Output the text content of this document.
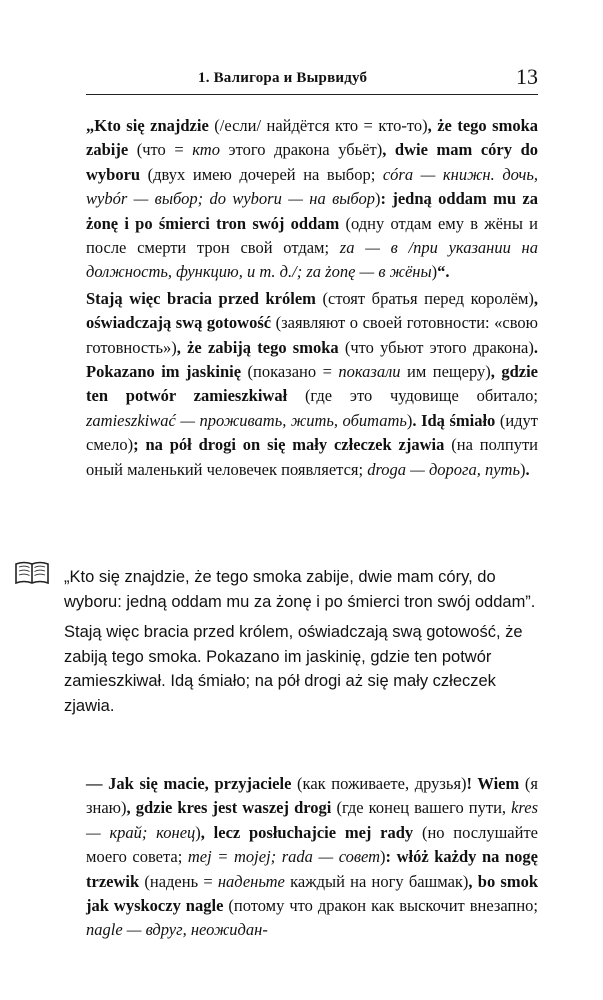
1. Валигора и Вырвидуб	13

„Kto się znajdzie (/если/ найдётся кто = кто-то), że tego smoka zabije (что = кто этого дракона убьёт), dwie mam córy do wyboru (двух имею дочерей на выбор; córa — книжн. дочь, wybór — выбор; do wyboru — на выбор): jedną oddam mu za żonę i po śmierci tron swój oddam (одну отдам ему в жёны и после смерти трон свой отдам; za — в /при указании на должность, функцию, и т. д./; za żonę — в жёны)“.

Stają więc bracia przed królem (стоят братья перед королём), oświadczają swą gotowość (заявляют о своей готовности: «свою готовность»), że zabiją tego smoka (что убьют этого дракона). Pokazano im jaskinię (показано = показали им пещеру), gdzie ten potwór zamieszkiwał (где это чудовище обитало; zamieszkiwać — проживать, жить, обитать). Idą śmiało (идут смело); na pół drogi on się mały człeczek zjawia (на полпути оный маленький человечек появляется; droga — дорога, путь).

„Kto się znajdzie, że tego smoka zabije, dwie mam córy, do wyboru: jedną oddam mu za żonę i po śmierci tron swój oddam”.

Stają więc bracia przed królem, oświadczają swą gotowość, że zabiją tego smoka. Pokazano im jaskinię, gdzie ten potwór zamieszkiwał. Idą śmiało; na pół drogi aż się mały człeczek zjawia.

— Jak się macie, przyjaciele (как поживаете, друзья)! Wiem (я знаю), gdzie kres jest waszej drogi (где конец вашего пути, kres — край; конец), lecz posłuchajcie mej rady (но послушайте моего совета; mej = mojej; rada — совет): włóż każdy na nogę trzewik (надень = наденьте каждый на ногу башмак), bo smok jak wyskoczy nagle (потому что дракон как выскочит внезапно; nagle — вдруг, неожидан-
